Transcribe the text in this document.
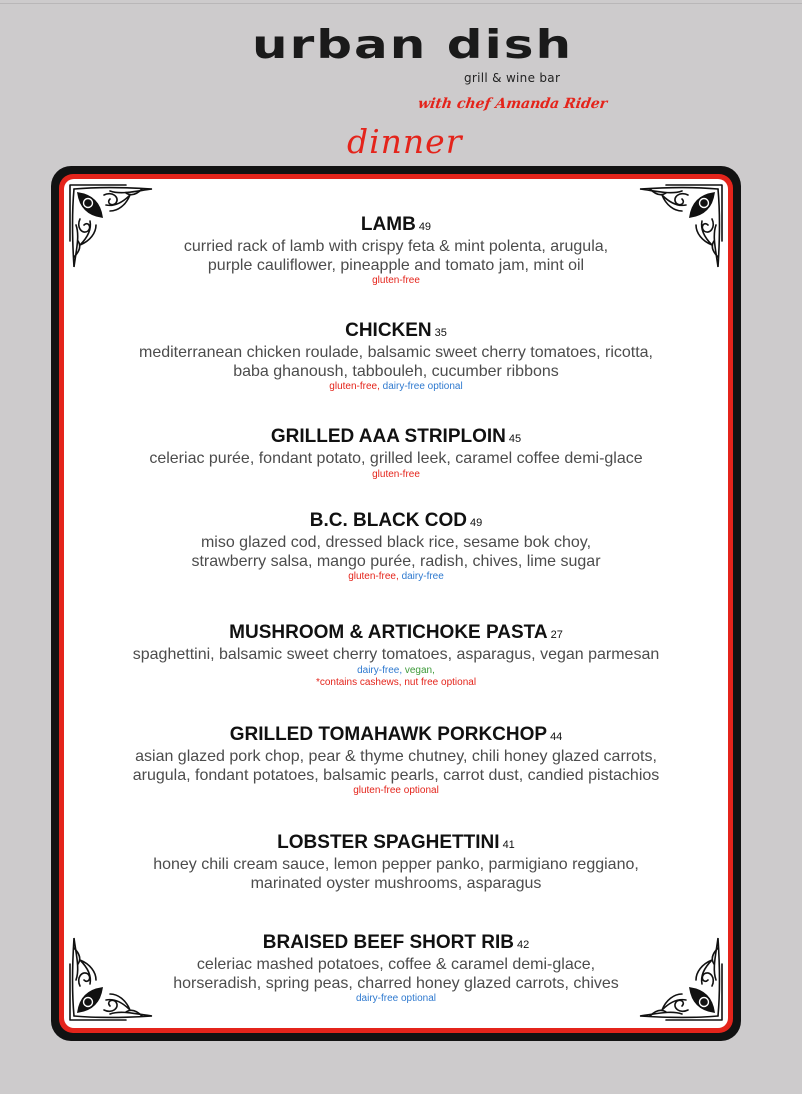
urban dish
grill & wine bar
with chef Amanda Rider
dinner
LAMB 49
curried rack of lamb with crispy feta & mint polenta, arugula,
purple cauliflower, pineapple and tomato jam, mint oil
gluten-free
CHICKEN 35
mediterranean chicken roulade, balsamic sweet cherry tomatoes, ricotta,
baba ghanoush, tabbouleh, cucumber ribbons
gluten-free, dairy-free optional
GRILLED AAA STRIPLOIN 45
celeriac purée, fondant potato, grilled leek, caramel coffee demi-glace
gluten-free
B.C. BLACK COD 49
miso glazed cod, dressed black rice, sesame bok choy,
strawberry salsa, mango purée, radish, chives, lime sugar
gluten-free, dairy-free
MUSHROOM & ARTICHOKE PASTA 27
spaghettini, balsamic sweet cherry tomatoes, asparagus, vegan parmesan
dairy-free, vegan,
*contains cashews, nut free optional
GRILLED TOMAHAWK PORKCHOP 44
asian glazed pork chop, pear & thyme chutney, chili honey glazed carrots,
arugula, fondant potatoes, balsamic pearls, carrot dust, candied pistachios
gluten-free optional
LOBSTER SPAGHETTINI 41
honey chili cream sauce, lemon pepper panko, parmigiano reggiano,
marinated oyster mushrooms, asparagus
BRAISED BEEF SHORT RIB 42
celeriac mashed potatoes, coffee & caramel demi-glace,
horseradish, spring peas, charred honey glazed carrots, chives
dairy-free optional
